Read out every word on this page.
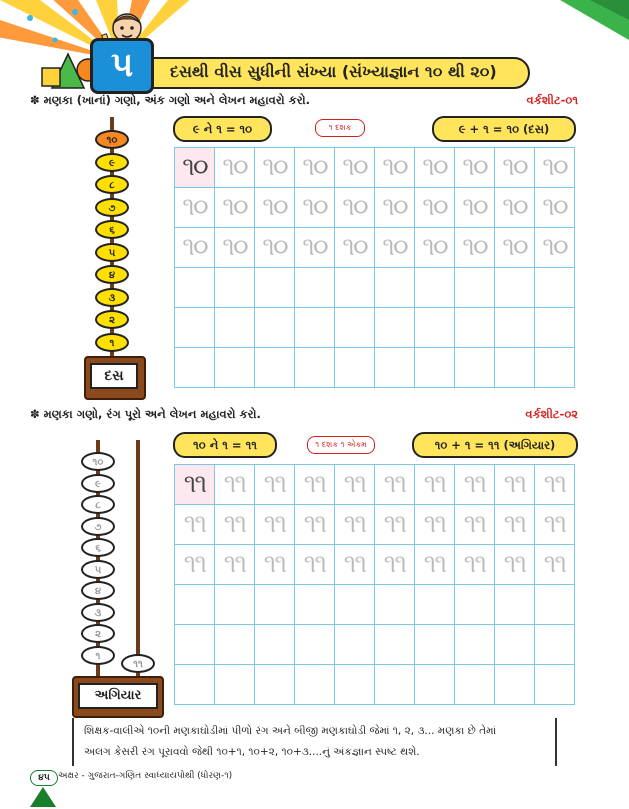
૫	દસથી વીસ સુધીની સંખ્યા (સંખ્યાજ્ઞાન ૧૦ થી ૨૦)
✽ મણકા (ખાનાં) ગણો, અંક ગણો અને લેખન મહાવરો કરો.	વર્કશીટ-૦૧
૯ ને ૧ = ૧૦	૧ દશક	૯ + ૧ = ૧૦ (દસ)
૧૦
૯
૮
૭
૬
૫
૪
૩
૨
૧
દસ
૧૦ ૧૦ ૧૦ ૧૦ ૧૦ ૧૦ ૧૦ ૧૦ ૧૦ ૧૦
૧૦ ૧૦ ૧૦ ૧૦ ૧૦ ૧૦ ૧૦ ૧૦ ૧૦ ૧૦
૧૦ ૧૦ ૧૦ ૧૦ ૧૦ ૧૦ ૧૦ ૧૦ ૧૦ ૧૦
✽ મણકા ગણો, રંગ પૂરો અને લેખન મહાવરો કરો.	વર્કશીટ-૦૨
૧૦ ને ૧ = ૧૧	૧ દશક ૧ એકમ	૧૦ + ૧ = ૧૧ (અગિયાર)
૧૦
૯
૮
૭
૬
૫
૪
૩
૨
૧
૧૧
અગિયાર
૧૧ ૧૧ ૧૧ ૧૧ ૧૧ ૧૧ ૧૧ ૧૧ ૧૧ ૧૧
૧૧ ૧૧ ૧૧ ૧૧ ૧૧ ૧૧ ૧૧ ૧૧ ૧૧ ૧૧
૧૧ ૧૧ ૧૧ ૧૧ ૧૧ ૧૧ ૧૧ ૧૧ ૧૧ ૧૧
શિક્ષક-વાલીએ ૧૦ની મણકાઘોડીમાં પીળો રંગ અને બીજી મણકાઘોડી જેમાં ૧, ૨, ૩... મણકા છે તેમાં
અલગ કેસરી રંગ પૂરાવવો જેથી ૧૦+૧, ૧૦+૨, ૧૦+૩....નું અંકજ્ઞાન સ્પષ્ટ થશે.
૪૫ અક્ષર - ગુજરાત-ગણિત સ્વાધ્યાયપોથી (ધોરણ-૧)
